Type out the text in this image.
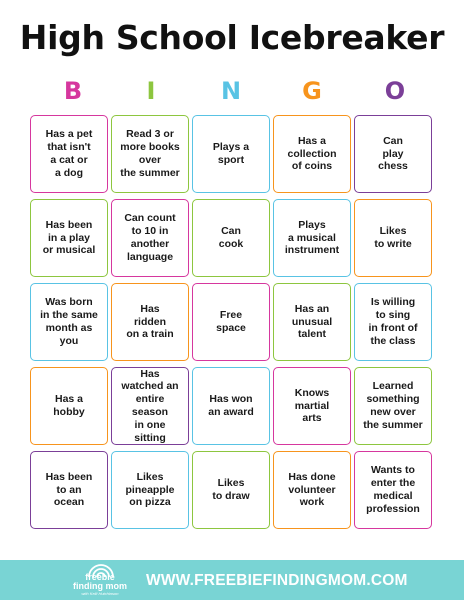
High School Icebreaker
B	I	N	G	O
Has a pet
that isn't
a cat or
a dog
Read 3 or
more books
over
the summer
Plays a
sport
Has a
collection
of coins
Can
play
chess
Has been
in a play
or musical
Can count
to 10 in
another
language
Can
cook
Plays
a musical
instrument
Likes
to write
Was born
in the same
month as
you
Has
ridden
on a train
Free
space
Has an
unusual
talent
Is willing
to sing
in front of
the class
Has a
hobby
Has
watched an
entire season
in one sitting
Has won
an award
Knows
martial
arts
Learned
something
new over
the summer
Has been
to an
ocean
Likes
pineapple
on pizza
Likes
to draw
Has done
volunteer
work
Wants to
enter the
medical
profession
freebie
finding mom
with Kelli Hutchinson
WWW.FREEBIEFINDINGMOM.COM
